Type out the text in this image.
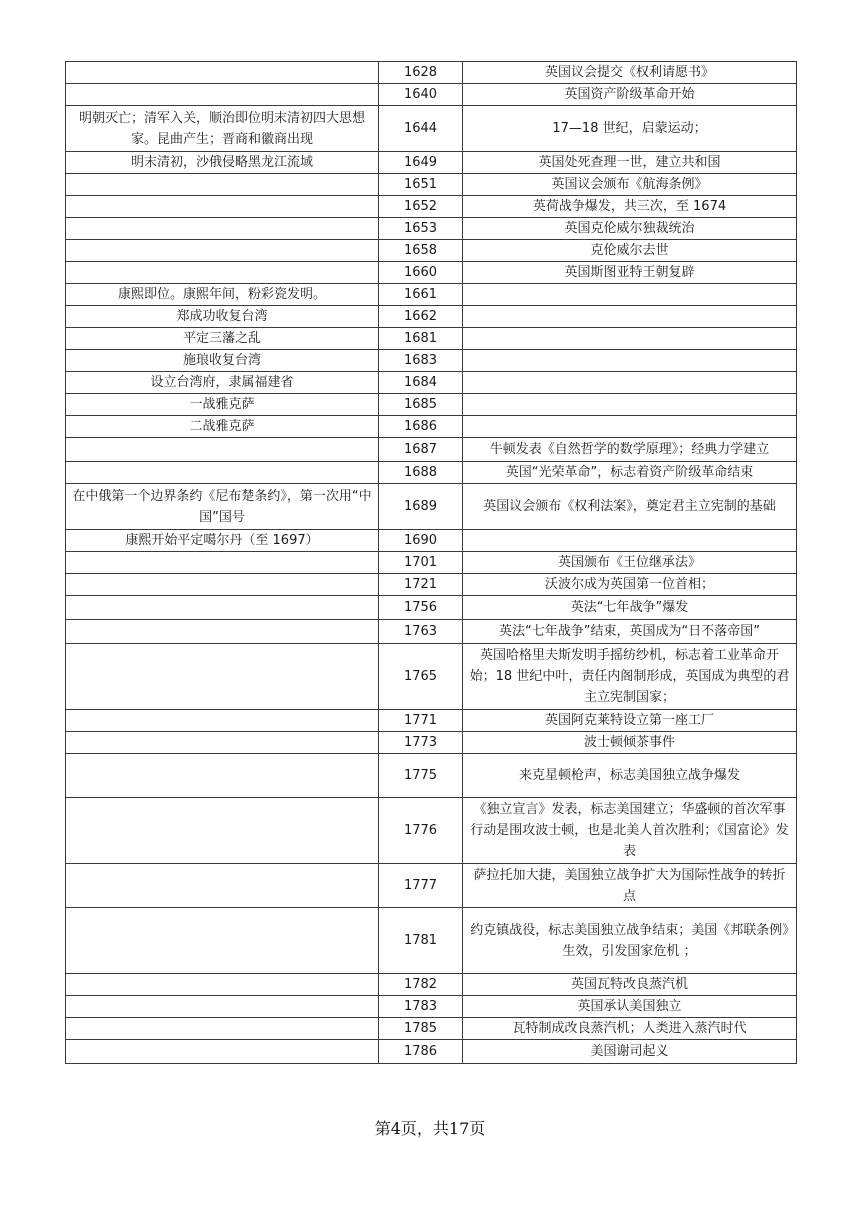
	1628	英国议会提交《权利请愿书》
	1640	英国资产阶级革命开始
明朝灭亡；清军入关，顺治即位明末清初四大思想家。昆曲产生；晋商和徽商出现	1644	17—18 世纪，启蒙运动；
明末清初，沙俄侵略黑龙江流域	1649	英国处死查理一世，建立共和国
	1651	英国议会颁布《航海条例》
	1652	英荷战争爆发，共三次，至 1674
	1653	英国克伦威尔独裁统治
	1658	克伦威尔去世
	1660	英国斯图亚特王朝复辟
康熙即位。康熙年间，粉彩瓷发明。	1661	
郑成功收复台湾	1662	
平定三藩之乱	1681	
施琅收复台湾	1683	
设立台湾府，隶属福建省	1684	
一战雅克萨	1685	
二战雅克萨	1686	
	1687	牛顿发表《自然哲学的数学原理》；经典力学建立
	1688	英国“光荣革命”，标志着资产阶级革命结束
在中俄第一个边界条约《尼布楚条约》，第一次用“中国”国号	1689	英国议会颁布《权利法案》，奠定君主立宪制的基础
康熙开始平定噶尔丹（至 1697）	1690	
	1701	英国颁布《王位继承法》
	1721	沃波尔成为英国第一位首相；
	1756	英法“七年战争”爆发
	1763	英法“七年战争”结束，英国成为“日不落帝国”
	1765	英国哈格里夫斯发明手摇纺纱机，标志着工业革命开始；18 世纪中叶，责任内阁制形成，英国成为典型的君主立宪制国家；
	1771	英国阿克莱特设立第一座工厂
	1773	波士顿倾茶事件
	1775	来克星顿枪声，标志美国独立战争爆发
	1776	《独立宣言》发表，标志美国建立；华盛顿的首次军事行动是围攻波士顿，也是北美人首次胜利；《国富论》发表
	1777	萨拉托加大捷，美国独立战争扩大为国际性战争的转折点
	1781	约克镇战役，标志美国独立战争结束；美国《邦联条例》生效，引发国家危机 ；
	1782	英国瓦特改良蒸汽机
	1783	英国承认美国独立
	1785	瓦特制成改良蒸汽机；人类进入蒸汽时代
	1786	美国谢司起义
第4页，共17页
